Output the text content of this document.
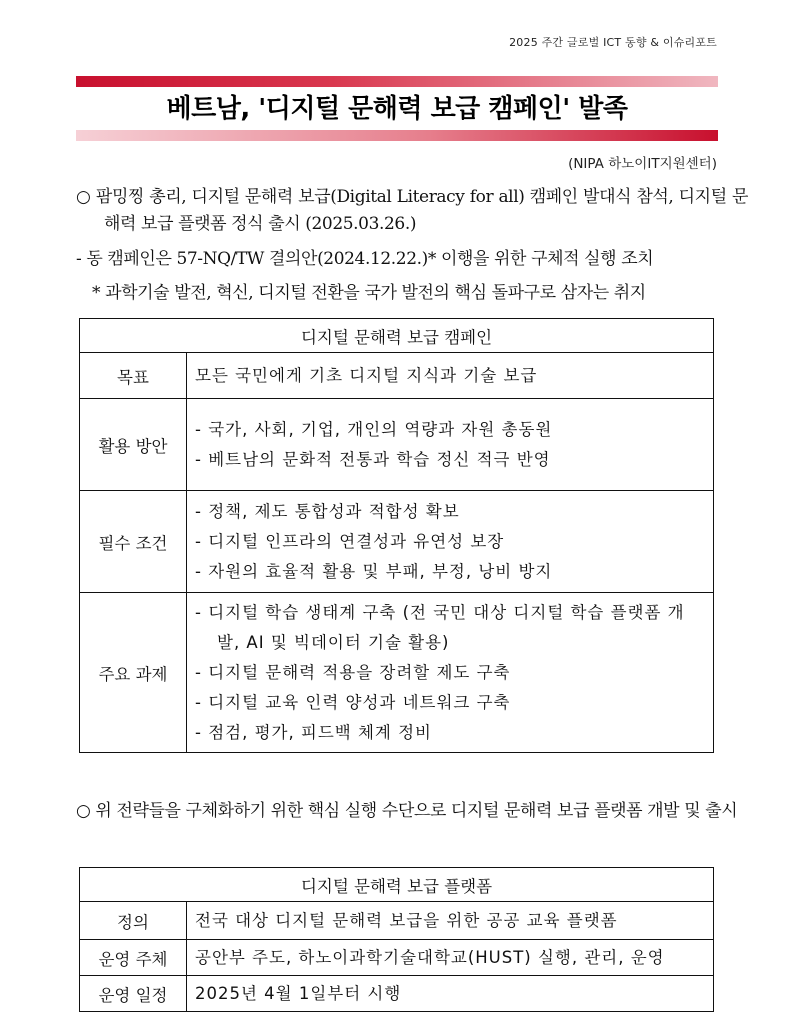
2025 주간 글로벌 ICT 동향 & 이슈리포트
베트남, '디지털 문해력 보급 캠페인' 발족
(NIPA 하노이IT지원센터)
○ 팜밍찡 총리, 디지털 문해력 보급(Digital Literacy for all) 캠페인 발대식 참석, 디지털 문해력 보급 플랫폼 정식 출시 (2025.03.26.)
- 동 캠페인은 57-NQ/TW 결의안(2024.12.22.)* 이행을 위한 구체적 실행 조치
* 과학기술 발전, 혁신, 디지털 전환을 국가 발전의 핵심 돌파구로 삼자는 취지
디지털 문해력 보급 캠페인	
목표	모든 국민에게 기초 디지털 지식과 기술 보급

활용 방안	- 국가, 사회, 기업, 개인의 역량과 자원 총동원
- 베트남의 문화적 전통과 학습 정신 적극 반영

필수 조건	- 정책, 제도 통합성과 적합성 확보
- 디지털 인프라의 연결성과 유연성 보장
- 자원의 효율적 활용 및 부패, 부정, 낭비 방지

주요 과제	- 디지털 학습 생태계 구축 (전 국민 대상 디지털 학습 플랫폼 개발, AI 및 빅데이터 기술 활용)
- 디지털 문해력 적용을 장려할 제도 구축
- 디지털 교육 인력 양성과 네트워크 구축
- 점검, 평가, 피드백 체계 정비
○ 위 전략들을 구체화하기 위한 핵심 실행 수단으로 디지털 문해력 보급 플랫폼 개발 및 출시
디지털 문해력 보급 플랫폼	
정의	전국 대상 디지털 문해력 보급을 위한 공공 교육 플랫폼

운영 주체	공안부 주도, 하노이과학기술대학교(HUST) 실행, 관리, 운영

운영 일정	2025년 4월 1일부터 시행
